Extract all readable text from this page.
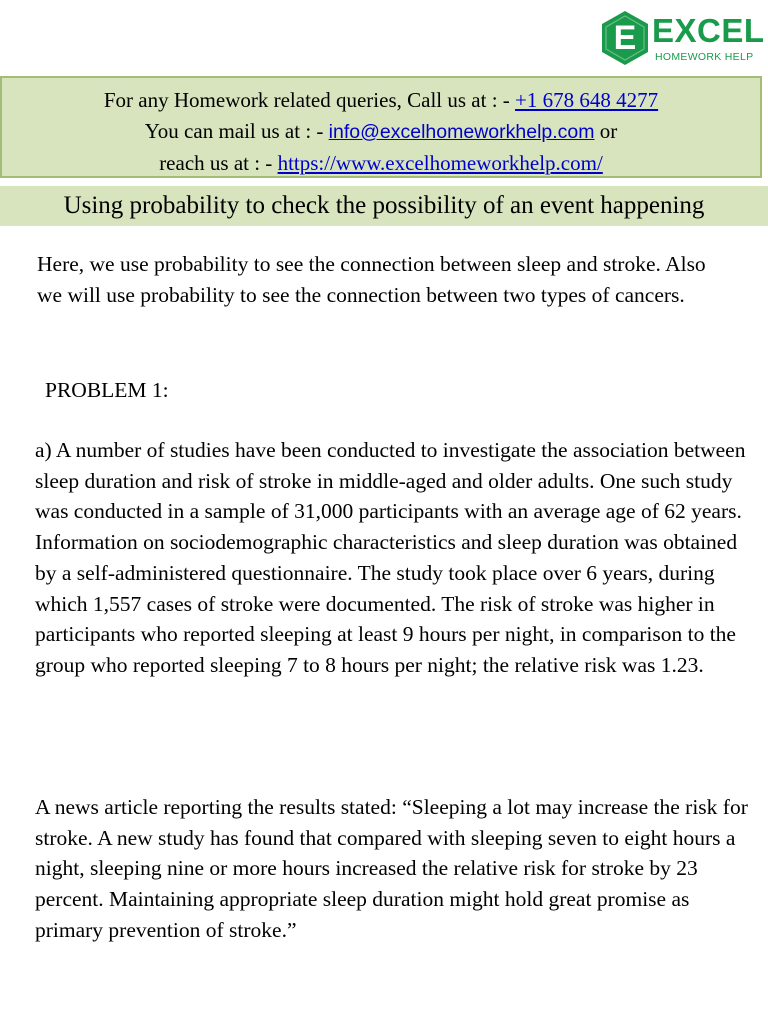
E EXCEL
HOMEWORK HELP
For any Homework related queries, Call us at : - +1 678 648 4277
You can mail us at : - info@excelhomeworkhelp.com or
reach us at : - https://www.excelhomeworkhelp.com/
Using probability to check the possibility of an event happening

Here, we use probability to see the connection between sleep and stroke. Also we will use probability to see the connection between two types of cancers.

PROBLEM 1:

a) A number of studies have been conducted to investigate the association between sleep duration and risk of stroke in middle-aged and older adults. One such study was conducted in a sample of 31,000 participants with an average age of 62 years. Information on sociodemographic characteristics and sleep duration was obtained by a self-administered questionnaire. The study took place over 6 years, during which 1,557 cases of stroke were documented. The risk of stroke was higher in participants who reported sleeping at least 9 hours per night, in comparison to the group who reported sleeping 7 to 8 hours per night; the relative risk was 1.23.

A news article reporting the results stated: “Sleeping a lot may increase the risk for stroke. A new study has found that compared with sleeping seven to eight hours a night, sleeping nine or more hours increased the relative risk for stroke by 23 percent. Maintaining appropriate sleep duration might hold great promise as primary prevention of stroke.”
